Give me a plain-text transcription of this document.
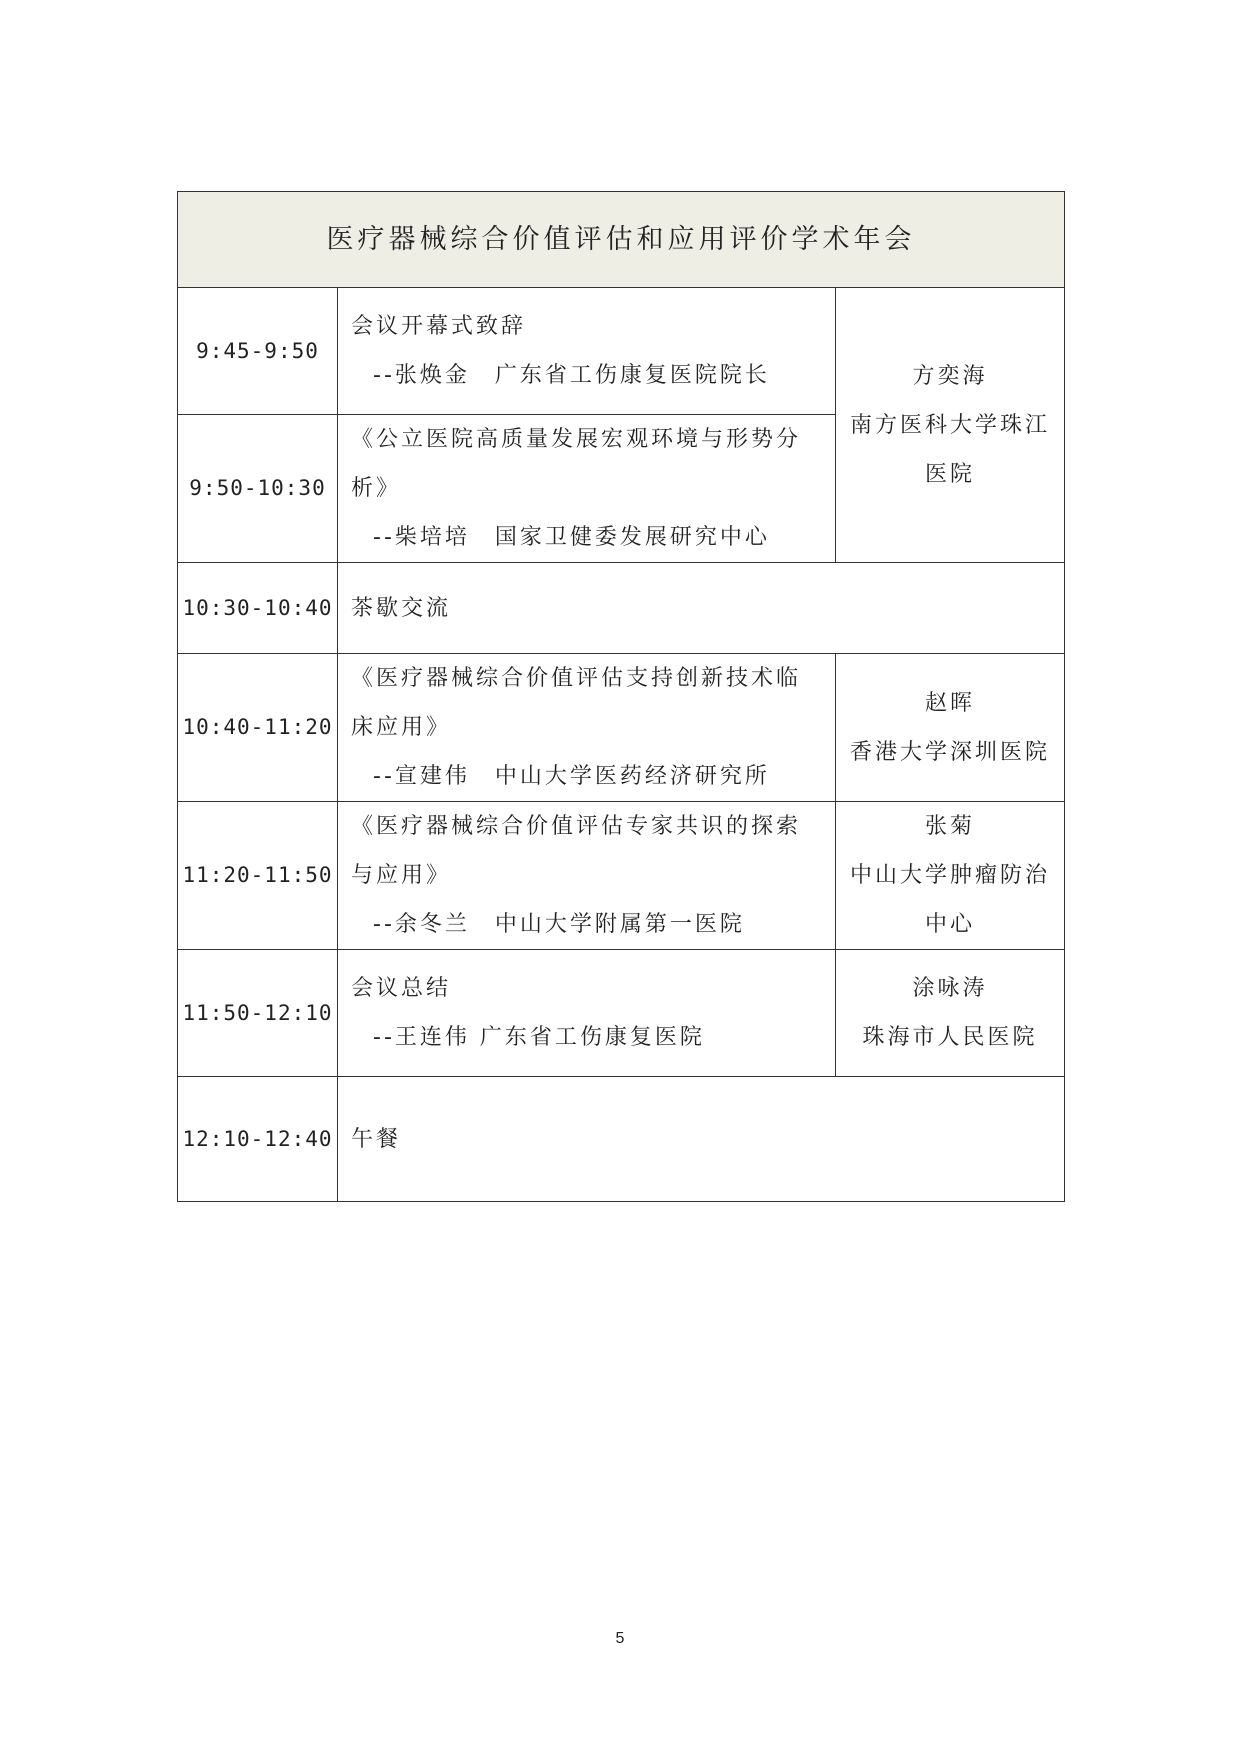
医疗器械综合价值评估和应用评价学术年会		
9:45-9:50	会议开幕式致辞
--张焕金　广东省工伤康复医院院长	方奕海
南方医科大学珠江
医院

9:50-10:30	《公立医院高质量发展宏观环境与形势分
析》
--柴培培　国家卫健委发展研究中心	

10:30-10:40	茶歇交流	

10:40-11:20	《医疗器械综合价值评估支持创新技术临
床应用》
--宣建伟　中山大学医药经济研究所	赵晖
香港大学深圳医院

11:20-11:50	《医疗器械综合价值评估专家共识的探索
与应用》
--余冬兰　中山大学附属第一医院	张菊
中山大学肿瘤防治
中心

11:50-12:10	会议总结
--王连伟 广东省工伤康复医院	涂咏涛
珠海市人民医院

12:10-12:40	午餐	
5
